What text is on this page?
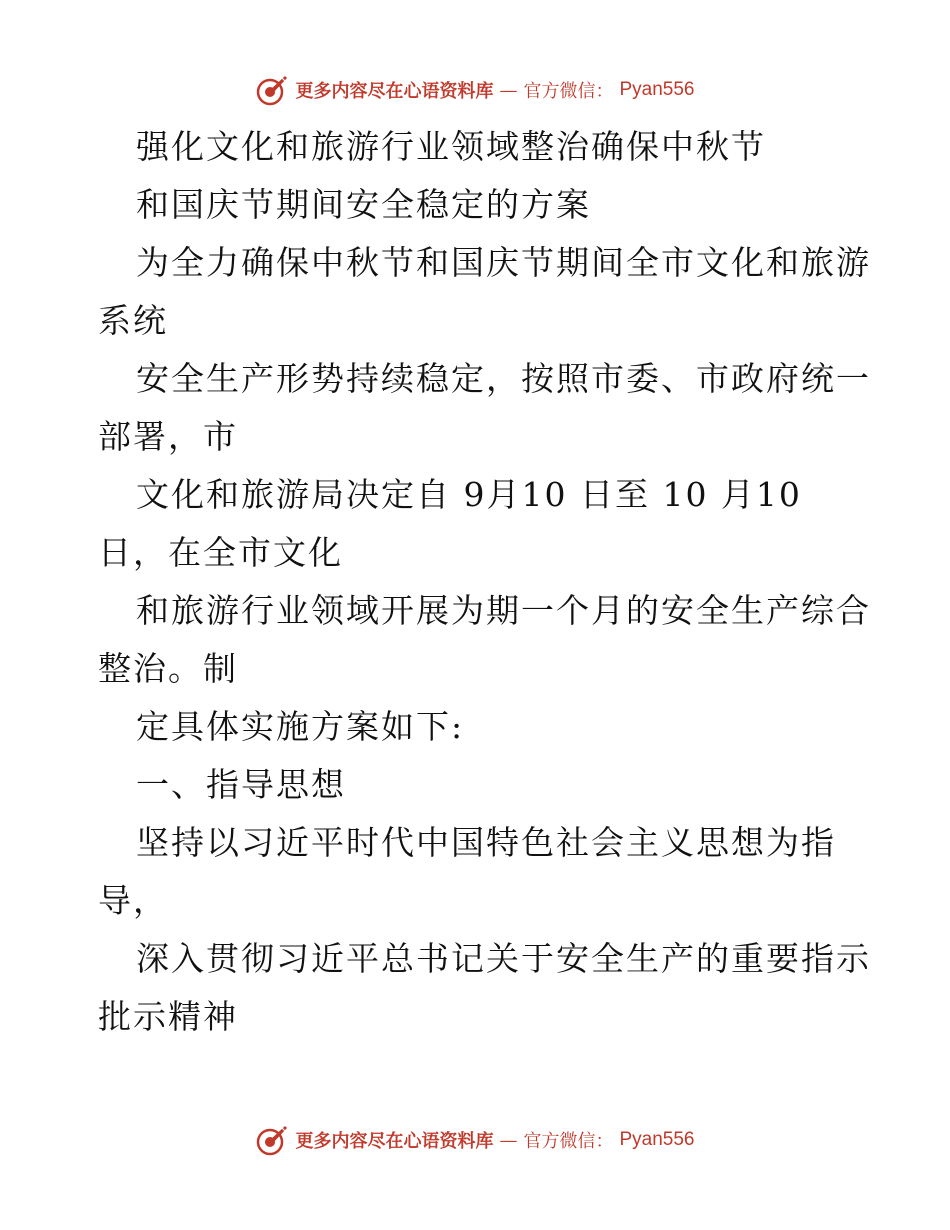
更多内容尽在心语资料库 — 官方微信： Pyan556
强化文化和旅游行业领域整治确保中秋节
和国庆节期间安全稳定的方案
为全力确保中秋节和国庆节期间全市文化和旅游
系统
安全生产形势持续稳定，按照市委、市政府统一
部署，市
文化和旅游局决定自 9月10 日至 10 月10
日，在全市文化
和旅游行业领域开展为期一个月的安全生产综合
整治。制
定具体实施方案如下:
一、指导思想
坚持以习近平时代中国特色社会主义思想为指
导，
深入贯彻习近平总书记关于安全生产的重要指示
批示精神
更多内容尽在心语资料库 — 官方微信： Pyan556
